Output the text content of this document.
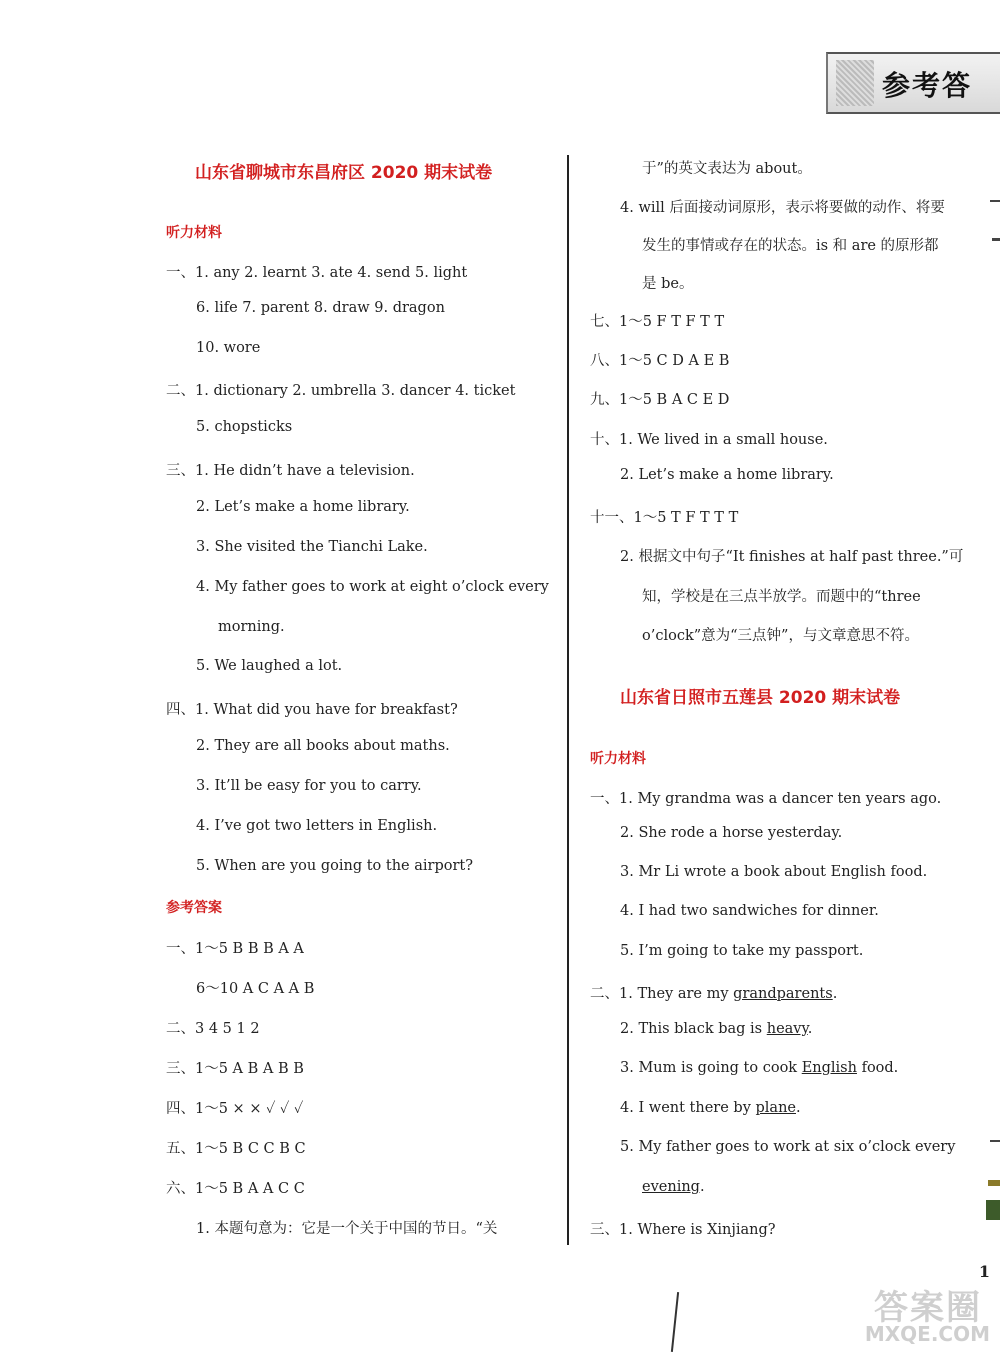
参考答
山东省聊城市东昌府区 2020 期末试卷
听力材料
一、1. any 2. learnt 3. ate 4. send 5. light
6. life 7. parent 8. draw 9. dragon
10. wore
二、1. dictionary 2. umbrella 3. dancer 4. ticket
5. chopsticks
三、1. He didn’t have a television.
2. Let’s make a home library.
3. She visited the Tianchi Lake.
4. My father goes to work at eight o’clock every
morning.
5. We laughed a lot.
四、1. What did you have for breakfast?
2. They are all books about maths.
3. It’ll be easy for you to carry.
4. I’ve got two letters in English.
5. When are you going to the airport?
参考答案
一、1～5 B B B A A
6～10 A C A A B
二、3 4 5 1 2
三、1～5 A B A B B
四、1～5 × × ✓ ✓ ✓
五、1～5 B C C B C
六、1～5 B A A C C
1. 本题句意为：它是一个关于中国的节日。“关
于”的英文表达为 about。
4. will 后面接动词原形，表示将要做的动作、将要
发生的事情或存在的状态。is 和 are 的原形都
是 be。
七、1～5 F T F T T
八、1～5 C D A E B
九、1～5 B A C E D
十、1. We lived in a small house.
2. Let’s make a home library.
十一、1～5 T F T T T
2. 根据文中句子“It finishes at half past three.”可
知，学校是在三点半放学。而题中的“three
o’clock”意为“三点钟”，与文章意思不符。
山东省日照市五莲县 2020 期末试卷
听力材料
一、1. My grandma was a dancer ten years ago.
2. She rode a horse yesterday.
3. Mr Li wrote a book about English food.
4. I had two sandwiches for dinner.
5. I’m going to take my passport.
二、1. They are my grandparents.
2. This black bag is heavy.
3. Mum is going to cook English food.
4. I went there by plane.
5. My father goes to work at six o’clock every
evening.
三、1. Where is Xinjiang?
1
答案圈
MXQE.COM
